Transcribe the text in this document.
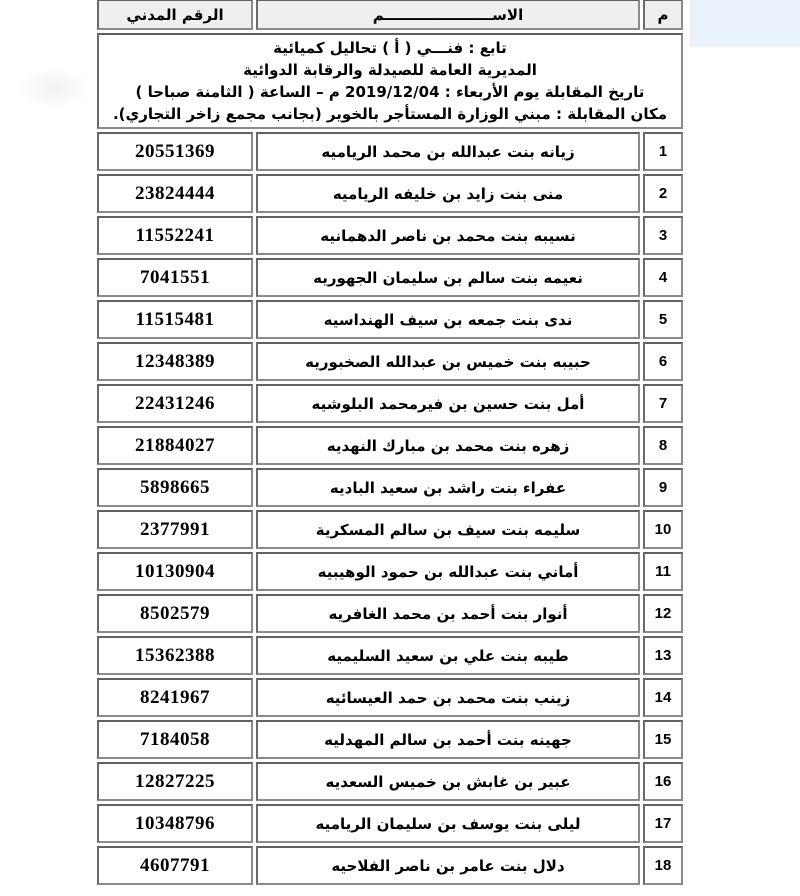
م	الاســـــــــــــــــــــم	الرقم المدني

تابع : فنـــي ( أ ) تحاليل كميائية
المديرية العامة للصيدلة والرقابة الدوائية
تاريخ المقابلة يوم الأربعاء : 2019/12/04 م – الساعة ( الثامنة صباحا )
مكان المقابلة : مبني الوزارة المستأجر بالخوير (بجانب مجمع زاخر التجاري).		

1	زيانه بنت عبدالله بن محمد الرياميه	20551369
2	منى بنت زايد بن خليفه الرياميه	23824444
3	نسيبه بنت محمد بن ناصر الدهمانيه	11552241
4	نعيمه بنت سالم بن سليمان الجهوريه	7041551
5	ندى بنت جمعه بن سيف الهنداسيه	11515481
6	حبيبه بنت خميس بن عبدالله الصخبوريه	12348389
7	أمل بنت حسين بن فيرمحمد البلوشيه	22431246
8	زهره بنت محمد بن مبارك النهديه	21884027
9	عفراء بنت راشد بن سعيد الباديه	5898665
10	سليمه بنت سيف بن سالم المسكرية	2377991
11	أماني بنت عبدالله بن حمود الوهيبيه	10130904
12	أنوار بنت أحمد بن محمد الغافريه	8502579
13	طيبه بنت علي بن سعيد السليميه	15362388
14	زينب بنت محمد بن حمد العيسائيه	8241967
15	جهينه بنت أحمد بن سالم المهدليه	7184058
16	عبير بن غابش بن خميس السعديه	12827225
17	ليلى بنت يوسف بن سليمان الرياميه	10348796
18	دلال بنت عامر بن ناصر الفلاحيه	4607791
